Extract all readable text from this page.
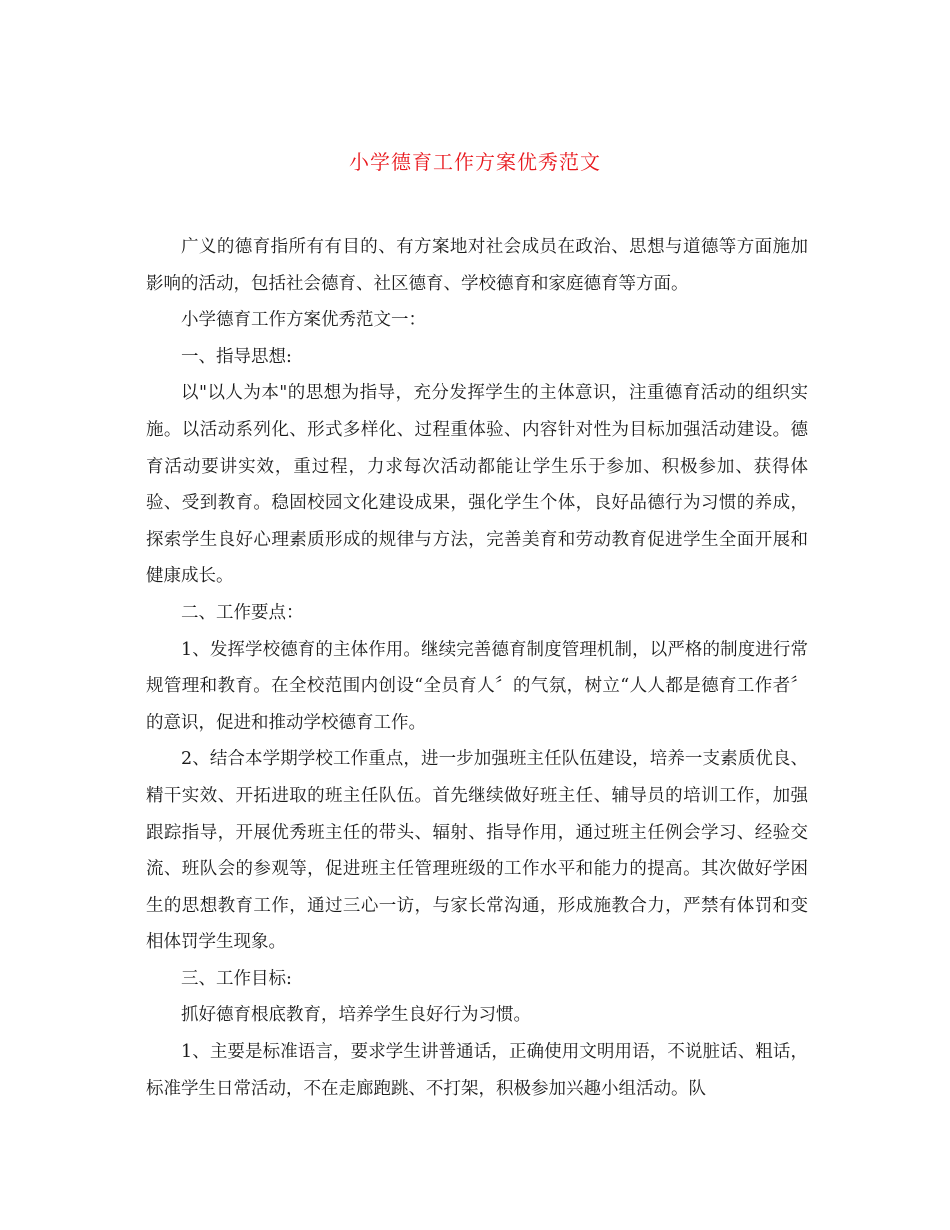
小学德育工作方案优秀范文

广义的德育指所有有目的、有方案地对社会成员在政治、思想与道德等方面施加影响的活动，包括社会德育、社区德育、学校德育和家庭德育等方面。

小学德育工作方案优秀范文一：

一、指导思想:

以"以人为本"的思想为指导，充分发挥学生的主体意识，注重德育活动的组织实施。以活动系列化、形式多样化、过程重体验、内容针对性为目标加强活动建设。德育活动要讲实效，重过程，力求每次活动都能让学生乐于参加、积极参加、获得体验、受到教育。稳固校园文化建设成果，强化学生个体，良好品德行为习惯的养成，探索学生良好心理素质形成的规律与方法，完善美育和劳动教育促进学生全面开展和健康成长。

二、工作要点：

1、发挥学校德育的主体作用。继续完善德育制度管理机制，以严格的制度进行常规管理和教育。在全校范围内创设“全员育人〞的气氛，树立“人人都是德育工作者〞的意识，促进和推动学校德育工作。

2、结合本学期学校工作重点，进一步加强班主任队伍建设，培养一支素质优良、精干实效、开拓进取的班主任队伍。首先继续做好班主任、辅导员的培训工作，加强跟踪指导，开展优秀班主任的带头、辐射、指导作用，通过班主任例会学习、经验交流、班队会的参观等，促进班主任管理班级的工作水平和能力的提高。其次做好学困生的思想教育工作，通过三心一访，与家长常沟通，形成施教合力，严禁有体罚和变相体罚学生现象。

三、工作目标:

抓好德育根底教育，培养学生良好行为习惯。

1、主要是标准语言，要求学生讲普通话，正确使用文明用语，不说脏话、粗话，标准学生日常活动，不在走廊跑跳、不打架，积极参加兴趣小组活动。队
